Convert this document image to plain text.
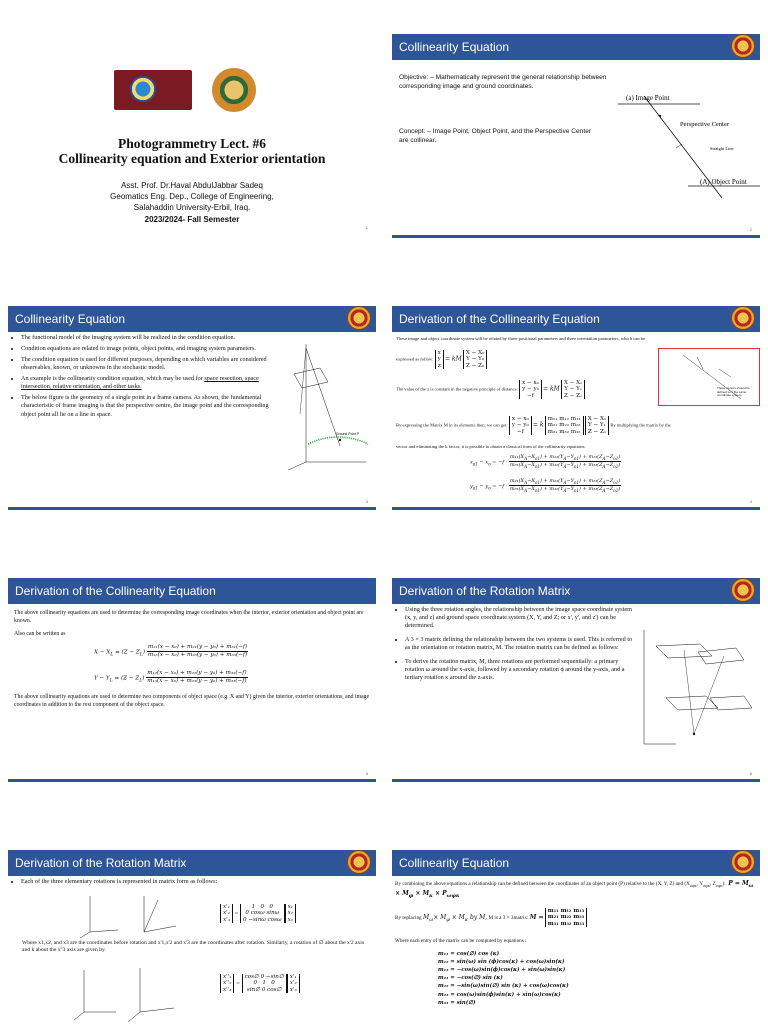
Photogrammetry Lect. #6
Collinearity equation and Exterior orientation
Asst. Prof. Dr.Haval AbdulJabbar Sadeq
Geomatics Eng. Dep., College of Engineering,
Salahaddin University-Erbil, Iraq.
2023/2024- Fall Semester
1
Collinearity Equation
Objective: – Mathematically represent the general relationship between corresponding image and ground coordinates.
Concept: – Image Point, Object Point, and the Perspective Center are collinear.
(a) Image Point
Perspective Center
Straight Line
(A) Object Point
2
Collinearity Equation
• The functional model of the imaging system will be realized in the condition equation.
• Condition equations are related to image points, object points, and imaging system parameters.
• The condition equation is used for different purposes, depending on which variables are considered observables, known, or unknowns in the stochastic model.
• An example is the collinearity condition equation, which may be used for space resection, space intersection, relative orientation, and other tasks.
• The below figure is the geometry of a single point in a frame camera. As shown, the fundamental characteristic of frame imaging is that the perspective centre, the image point and the corresponding object point all lie on a line in space.
Ground Point P
3
Derivation of the Collinearity Equation
These image and object coordinate system will be related by three positional parameters and three orientation parameters, which can be
expressed as follow: x
y
z = kM X − X₀
Y − Y₀
Z − Z₀
The value of the z is constant in the negative principle of distance: x − x₀
y − y₀
−f = kM X − Xₒ
Y − Yₒ
Z − Zₒ
By expressing the Matrix M in its elements then, we can get: x − x₀
y − y₀
−f = k m₁₁ m₁₂ m₁₃
m₂₁ m₂₂ m₂₃
m₃₁ m₃₂ m₃₃ X − X₁
Y − Y₁
Z − Z₁ By multiplying the matrix by the
vector and eliminating the k factor, it is possible to obtain a classical form of the collinearity equations:
$x_{a1} - x_o = -f \cdot \frac{m_{11}(X_A-X_{o1}) + m_{12}(Y_A-Y_{o1}) + m_{13}(Z_A-Z_{o1})}{m_{31}(X_A-X_{o1}) + m_{32}(Y_A-Y_{o1}) + m_{33}(Z_A-Z_{o1})}$
$y_{a1} - y_o = -f \cdot \frac{m_{21}(X_A-X_{o1}) + m_{22}(Y_A-Y_{o1}) + m_{23}(Z_A-Z_{o1})}{m_{31}(X_A-X_{o1}) + m_{32}(Y_A-Y_{o1}) + m_{33}(Z_A-Z_{o1})}$
These vectors should be defined w.r.t the same coordinate system.
4
Derivation of the Collinearity Equation
The above collinearity equations are used to determine the corresponding image coordinates when the interior, exterior orientation and object point are known.
Also can be written as
$X - X_L = (Z - Z_L) \frac{\text{m₁₁(x − x₀) + m₂₁(y − y₀) + m₃₁(−f)}}{\text{m₁₃(x − x₀) + m₂₃(y − y₀) + m₃₃(−f)}}$
$Y - Y_L = (Z - Z_L) \frac{\text{m₁₂(x − x₀) + m₂₂(y − y₀) + m₃₂(−f)}}{\text{m₁₃(x − x₀) + m₂₃(y − y₀) + m₃₃(−f)}}$
The above collinearity equations are used to determine two components of object space (e.g. X and Y) given the interior, exterior orientations, and image coordinates in addition to the rest component of the object space.
5
Derivation of the Rotation Matrix
• Using the three rotation angles, the relationship between the image space coordinate system (x, y, and z) and ground space coordinate system (X, Y, and Z; or x', y', and z') can be determined.
• A 3 × 3 matrix defining the relationship between the two systems is used. This is referred to as the orientation or rotation matrix, M. The rotation matrix can be defined as follows:
• To derive the rotation matrix, M, three rotations are performed sequentially: a primary rotation ω around the x-axis, followed by a secondary rotation ϕ around the y-axis, and a tertiary rotation κ around the z-axis.
6
Derivation of the Rotation Matrix
• Each of the three elementary rotations is represented in matrix form as follows:
x'₁
x'₂
x'₃ = 1   0   0
0 cosω sinω
0 −sinω cosωx₁
x₂
x₃
Where x1,x2, and x3 are the coordinates before rotation and x'1,x'2 and x'3 are the coordinates after rotation. Similarly, a rotation of ∅ about the x'2 axis and k about the x''3 axis are given by.
x''₁
x''₂
x''₃ = cos∅ 0 −sin∅
0   1   0
sin∅ 0 cos∅x'₁
x'₂
x'₃
Collinearity Equation
By combining the above equations a relationship can be defined between the coordinates of an object point (P) relative to the (X, Y, Z) and ($X_{o\varphi\kappa}$, $Y_{o\varphi\kappa}$, $Z_{o\varphi\kappa}$):  $P = M_\omega \times M_\varphi \times M_\kappa \times P_{\omega\varphi\kappa}$
By replacing $M_\omega\times M_\varphi \times M_\kappa$ by M, M is a 3 × 3matrix: M = m₁₁ m₁₂ m₁₃
m₂₁ m₂₂ m₂₃
m₃₁ m₃₂ m₃₃
Where each entry of the matrix can be computed by equations :
m₁₁ = cos(∅) cos (κ)
m₁₂ = sin(ω) sin (ϕ)cos(κ) + cos(ω)sin(κ)
m₁₃ = −cos(ω)sin(ϕ)cos(κ) + sin(ω)sin(κ)
m₂₁ = −cos(∅) sin (κ)
m₂₂ = −sin(ω)sin(∅) sin (κ) + cos(ω)cos(κ)
m₂₃ = cos(ω)sin(ϕ)sin(κ) + sin(ω)cos(κ)
m₃₁ = sin(∅)
